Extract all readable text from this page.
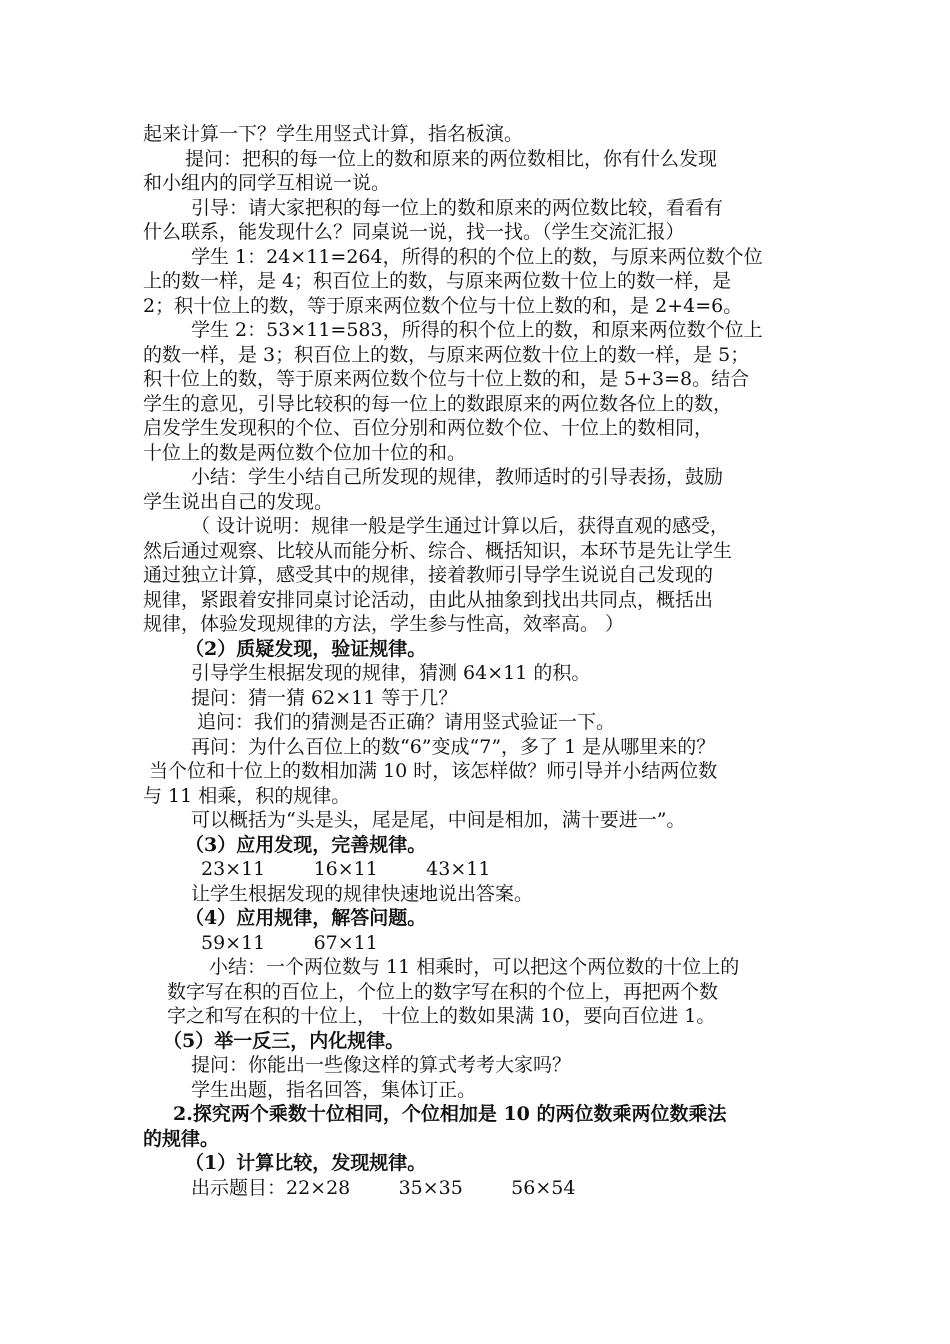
起来计算一下？学生用竖式计算，指名板演。
提问：把积的每一位上的数和原来的两位数相比，你有什么发现
和小组内的同学互相说一说。
引导：请大家把积的每一位上的数和原来的两位数比较，看看有
什么联系，能发现什么？同桌说一说，找一找。（学生交流汇报）
学生 1：24×11=264，所得的积的个位上的数，与原来两位数个位
上的数一样，是 4；积百位上的数，与原来两位数十位上的数一样，是
2；积十位上的数，等于原来两位数个位与十位上数的和，是 2+4=6。
学生 2：53×11=583，所得的积个位上的数，和原来两位数个位上
的数一样，是 3；积百位上的数，与原来两位数十位上的数一样，是 5；
积十位上的数，等于原来两位数个位与十位上数的和，是 5+3=8。结合
学生的意见，引导比较积的每一位上的数跟原来的两位数各位上的数，
启发学生发现积的个位、百位分别和两位数个位、十位上的数相同，
十位上的数是两位数个位加十位的和。
小结：学生小结自己所发现的规律，教师适时的引导表扬，鼓励
学生说出自己的发现。
（ 设计说明：规律一般是学生通过计算以后，获得直观的感受，
然后通过观察、比较从而能分析、综合、概括知识，本环节是先让学生
通过独立计算，感受其中的规律，接着教师引导学生说说自己发现的
规律，紧跟着安排同桌讨论活动，由此从抽象到找出共同点，概括出
规律，体验发现规律的方法，学生参与性高，效率高。 ）
（2）质疑发现，验证规律。
引导学生根据发现的规律，猜测 64×11 的积。
提问：猜一猜 62×11 等于几？
追问：我们的猜测是否正确？请用竖式验证一下。
再问：为什么百位上的数“6”变成“7”，多了 1 是从哪里来的？
当个位和十位上的数相加满 10 时，该怎样做？师引导并小结两位数
与 11 相乘，积的规律。
可以概括为“头是头，尾是尾，中间是相加，满十要进一”。
（3）应用发现，完善规律。
23×11        16×11        43×11
让学生根据发现的规律快速地说出答案。
（4）应用规律，解答问题。
59×11        67×11
小结：一个两位数与 11 相乘时，可以把这个两位数的十位上的
数字写在积的百位上，个位上的数字写在积的个位上，再把两个数
字之和写在积的十位上， 十位上的数如果满 10，要向百位进 1。
（5）举一反三，内化规律。
提问：你能出一些像这样的算式考考大家吗？
学生出题，指名回答，集体订正。
2.探究两个乘数十位相同，个位相加是 10 的两位数乘两位数乘法
的规律。
（1）计算比较，发现规律。
出示题目：22×28        35×35        56×54
